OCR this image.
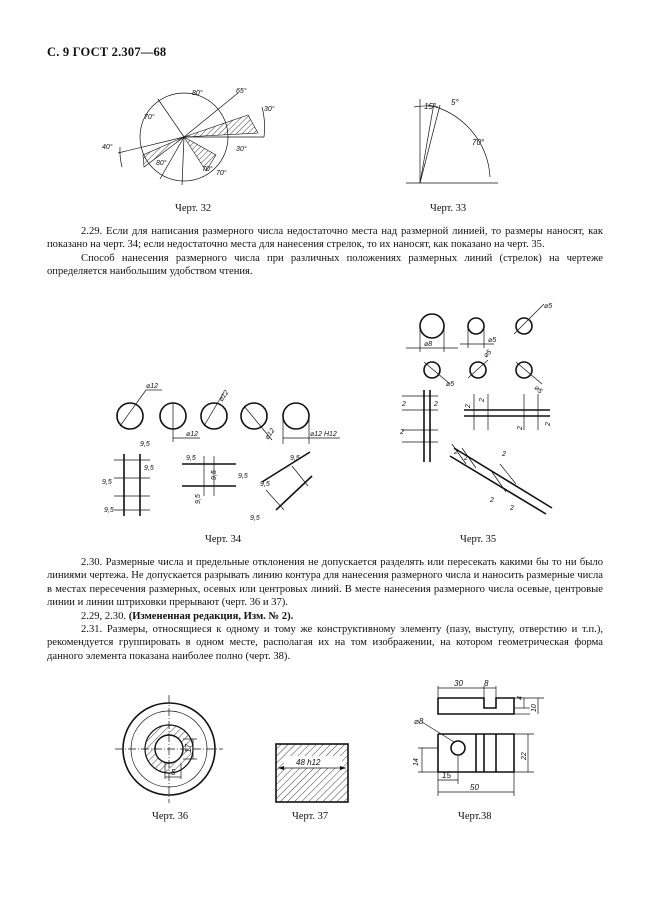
С. 9 ГОСТ 2.307—68
80°	65°
30°
70°
40°	30°
80°
70°
70°
Черт. 32
15° 5°
70°
Черт. 33

2.29. Если для написания размерного числа недостаточно места над размерной линией, то размеры наносят, как показано на черт. 34; если недостаточно места для нанесения стрелок, то их наносят, как показано на черт. 35.

Способ нанесения размерного числа при различных положениях размерных линий (стрелок) на чертеже определяется наибольшим удобством чтения.

⌀12
⌀12
⌀12
⌀12	⌀12 H12
9,5
9,5
9,5
9,5
9,5
9,5
9,5	9,5
9,5
9,5
9,5
Черт. 34
⌀5
⌀8
⌀5
⌀5
⌀5
⌀5
2	2
2
2
2
2
2
2
2
2
2
2
Черт. 35

2.30. Размерные числа и предельные отклонения не допускается разделять или пересекать какими бы то ни было линиями чертежа. Не допускается разрывать линию контура для нанесения размерного числа и наносить размерные числа в местах пересечения размерных, осевых или центровых линий. В месте нанесения размерного числа осевые, центровые линии и линии штриховки прерывают (черт. 36 и 37).

2.29, 2.30. (Измененная редакция, Изм. № 2).

2.31. Размеры, относящиеся к одному и тому же конструктивному элементу (пазу, выступу, отверстию и т.п.), рекомендуется группировать в одном месте, располагая их на том изображении, на котором геометрическая форма данного элемента показана наиболее полно (черт. 38).

17
5
Черт. 36
48 h12
Черт. 37
30	8
4
10
⌀8
14
22
15
50
Черт.38
